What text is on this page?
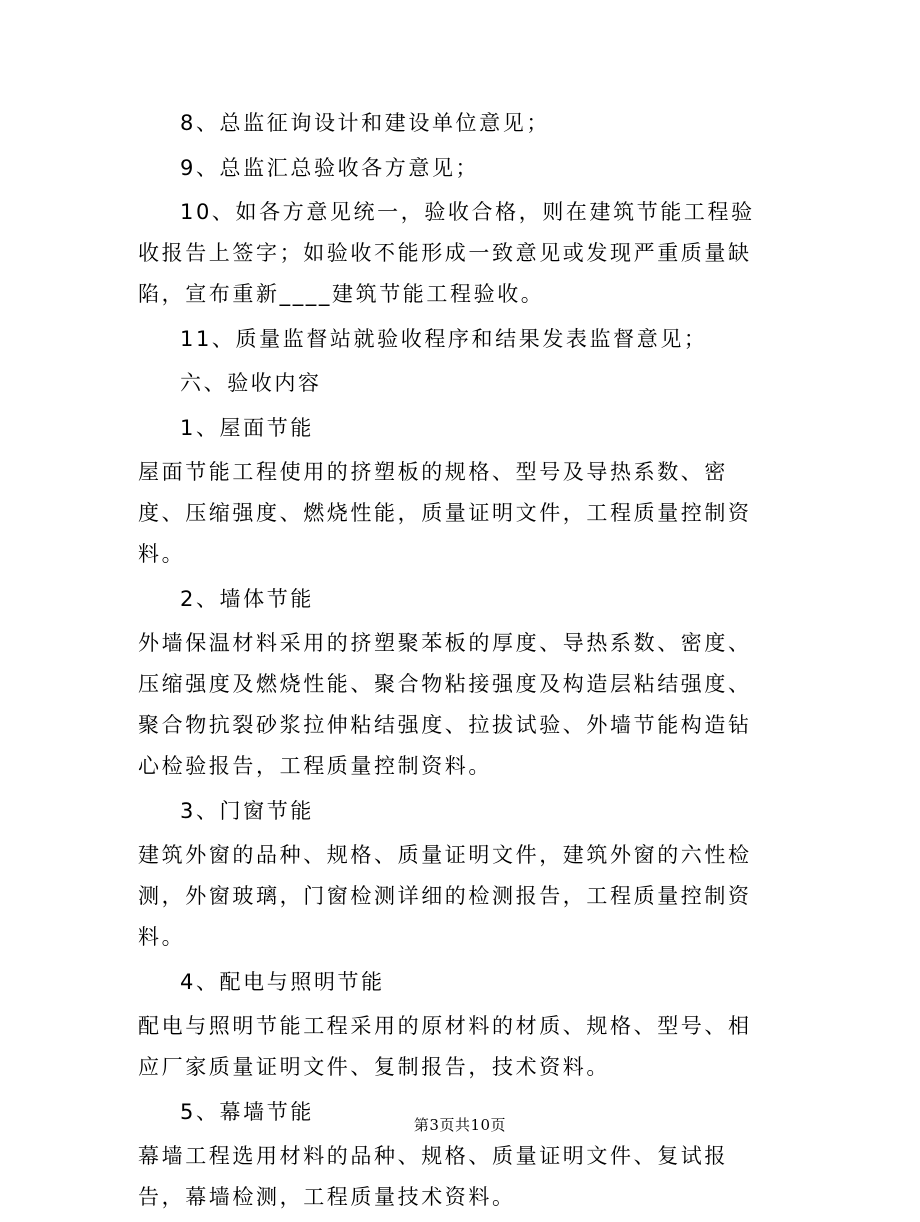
8、总监征询设计和建设单位意见；

9、总监汇总验收各方意见；

10、如各方意见统一，验收合格，则在建筑节能工程验收报告上签字；如验收不能形成一致意见或发现严重质量缺陷，宣布重新____建筑节能工程验收。

11、质量监督站就验收程序和结果发表监督意见；

六、验收内容

1、屋面节能

屋面节能工程使用的挤塑板的规格、型号及导热系数、密度、压缩强度、燃烧性能，质量证明文件，工程质量控制资料。

2、墙体节能

外墙保温材料采用的挤塑聚苯板的厚度、导热系数、密度、压缩强度及燃烧性能、聚合物粘接强度及构造层粘结强度、聚合物抗裂砂浆拉伸粘结强度、拉拔试验、外墙节能构造钻心检验报告，工程质量控制资料。

3、门窗节能

建筑外窗的品种、规格、质量证明文件，建筑外窗的六性检测，外窗玻璃，门窗检测详细的检测报告，工程质量控制资料。

4、配电与照明节能

配电与照明节能工程采用的原材料的材质、规格、型号、相应厂家质量证明文件、复制报告，技术资料。

5、幕墙节能

幕墙工程选用材料的品种、规格、质量证明文件、复试报告，幕墙检测，工程质量技术资料。

第3页共10页
